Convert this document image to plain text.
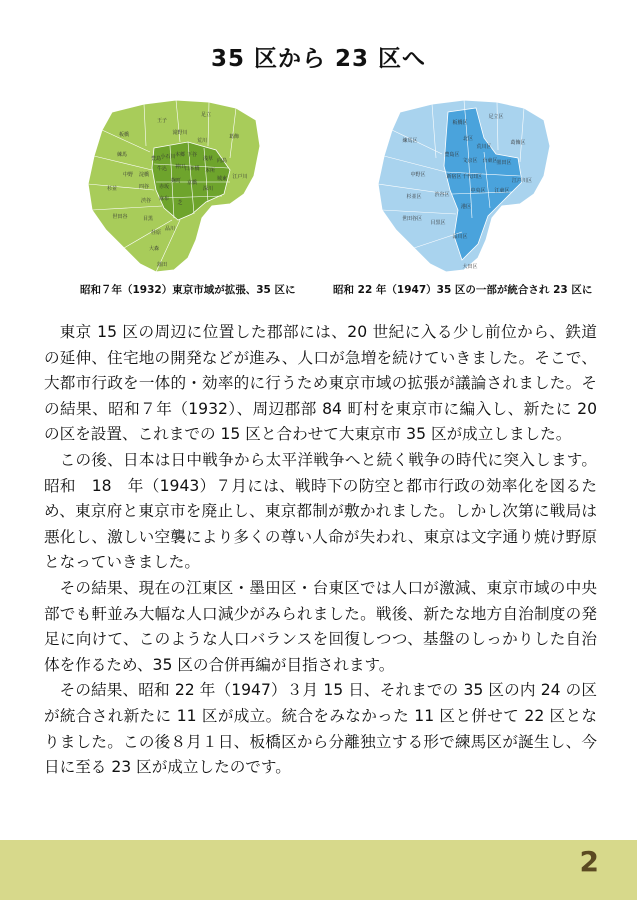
35 区から 23 区へ
板橋
王子
足立
練馬
滝野川
荒川
葛飾
中野
豊島 小石川 本郷 下谷
浅草 向島
杉並
淀橋
牛込 神田 日本橋 本所
城東 江戸川
四谷 赤坂
麹町 京橋
深川
世田谷
渋谷 麻布
芝
目黒
荏原
品川
大森
蒲田
板橋区
北区
足立区
練馬区
荒川区
葛飾区
中野区
豊島区
文京区 台東区
墨田区
杉並区
新宿区 千代田区
中央区 江東区
江戸川区
渋谷区
港区
世田谷区
目黒区
品川区
大田区
昭和７年（1932）東京市域が拡張、35 区に	昭和 22 年（1947）35 区の一部が統合され 23 区に

東京 15 区の周辺に位置した郡部には、20 世紀に入る少し前位から、鉄道の延伸、住宅地の開発などが進み、人口が急増を続けていきました。そこで、大都市行政を一体的・効率的に行うため東京市域の拡張が議論されました。その結果、昭和７年（1932）、周辺郡部 84 町村を東京市に編入し、新たに 20 の区を設置、これまでの 15 区と合わせて大東京市 35 区が成立しました。

この後、日本は日中戦争から太平洋戦争へと続く戦争の時代に突入します。昭和　18　年（1943）７月には、戦時下の防空と都市行政の効率化を図るため、東京府と東京市を廃止し、東京都制が敷かれました。しかし次第に戦局は悪化し、激しい空襲により多くの尊い人命が失われ、東京は文字通り焼け野原となっていきました。

その結果、現在の江東区・墨田区・台東区では人口が激減、東京市域の中央部でも軒並み大幅な人口減少がみられました。戦後、新たな地方自治制度の発足に向けて、このような人口バランスを回復しつつ、基盤のしっかりした自治体を作るため、35 区の合併再編が目指されます。

その結果、昭和 22 年（1947）３月 15 日、それまでの 35 区の内 24 の区が統合され新たに 11 区が成立。統合をみなかった 11 区と併せて 22 区となりました。この後８月１日、板橋区から分離独立する形で練馬区が誕生し、今日に至る 23 区が成立したのです。

2
